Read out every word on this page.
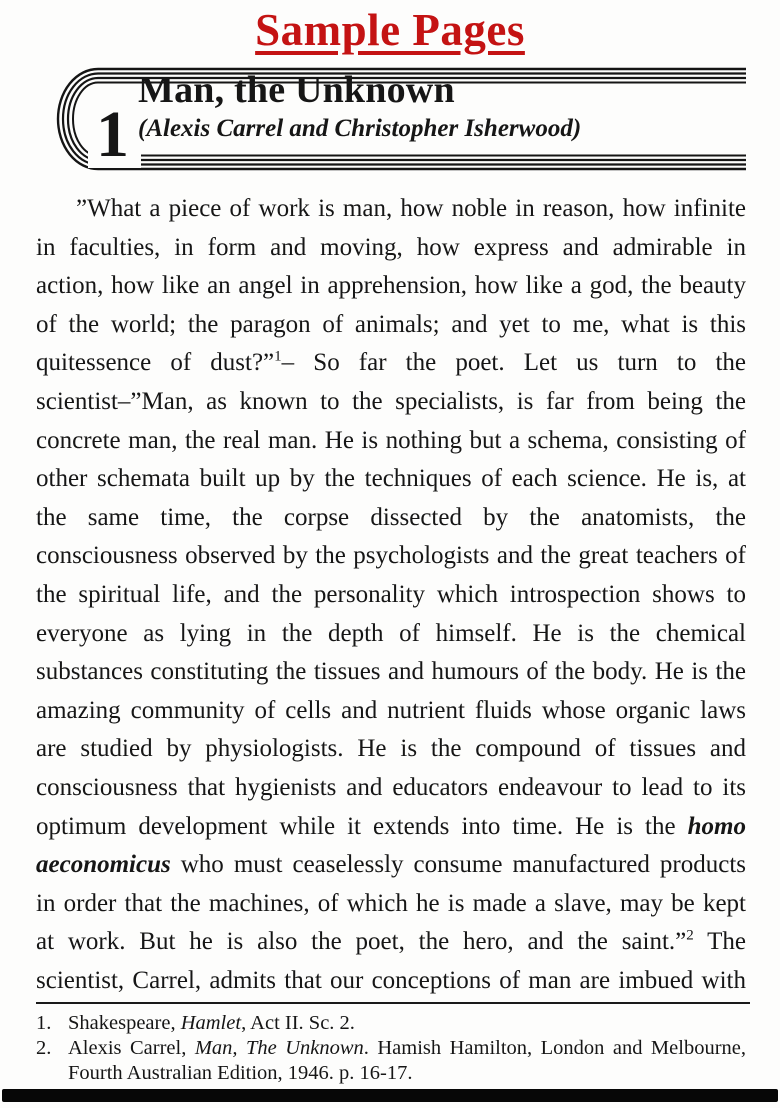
Sample Pages
1
Man, the Unknown
(Alexis Carrel and Christopher Isherwood)

”What a piece of work is man, how noble in reason, how infinite in faculties, in form and moving, how express and admirable in action, how like an angel in apprehension, how like a god, the beauty of the world; the paragon of animals; and yet to me, what is this quitessence of dust?”$^1$– So far the poet. Let us turn to the scientist–”Man, as known to the specialists, is far from being the concrete man, the real man. He is nothing but a schema, consisting of other schemata built up by the techniques of each science. He is, at the same time, the corpse dissected by the anatomists, the consciousness observed by the psychologists and the great teachers of the spiritual life, and the personality which introspection shows to everyone as lying in the depth of himself. He is the chemical substances constituting the tissues and humours of the body. He is the amazing community of cells and nutrient fluids whose organic laws are studied by physiologists. He is the compound of tissues and consciousness that hygienists and educators endeavour to lead to its optimum development while it extends into time. He is the homo aeconomicus who must ceaselessly consume manufactured products in order that the machines, of which he is made a slave, may be kept at work. But he is also the poet, the hero, and the saint.”$^2$ The scientist, Carrel, admits that our conceptions of man are imbued with

1. Shakespeare, Hamlet, Act II. Sc. 2.
2. Alexis Carrel, Man, The Unknown. Hamish Hamilton, London and Melbourne, Fourth Australian Edition, 1946. p. 16-17.
